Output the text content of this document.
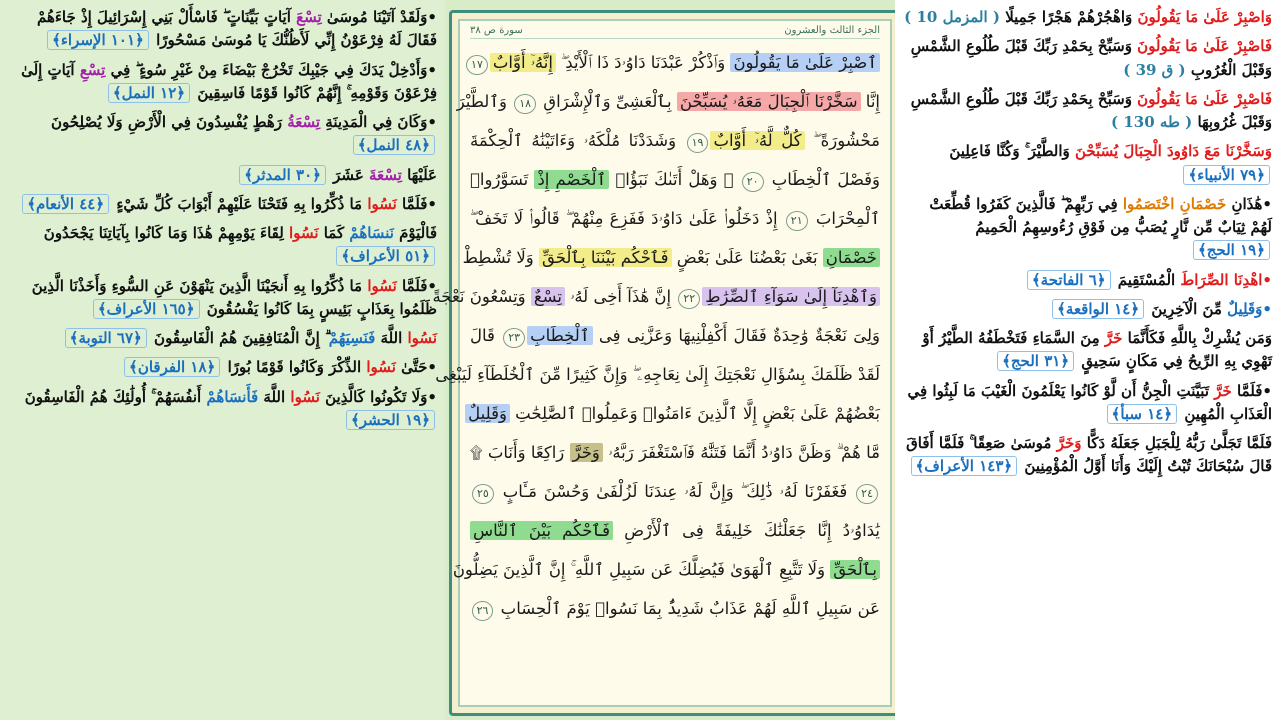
•وَلَقَدْ آتَيْنَا مُوسَىٰ تِسْعَ آيَاتٍ بَيِّنَاتٍ ۖ فَاسْأَلْ بَنِي إِسْرَائِيلَ إِذْ جَاءَهُمْ فَقَالَ لَهُ فِرْعَوْنُ إِنِّي لَأَظُنُّكَ يَا مُوسَىٰ مَسْحُورًا ﴿١٠١ الإسراء﴾
•وَأَدْخِلْ يَدَكَ فِي جَيْبِكَ تَخْرُجْ بَيْضَاءَ مِنْ غَيْرِ سُوءٍ ۖ فِي تِسْعِ آيَاتٍ إِلَىٰ فِرْعَوْنَ وَقَوْمِهِ ۚ إِنَّهُمْ كَانُوا قَوْمًا فَاسِقِينَ ﴿١٢ النمل﴾
•وَكَانَ فِي الْمَدِينَةِ تِسْعَةُ رَهْطٍ يُفْسِدُونَ فِي الْأَرْضِ وَلَا يُصْلِحُونَ ﴿٤٨ النمل﴾
عَلَيْهَا تِسْعَةَ عَشَرَ ﴿٣٠ المدثر﴾
•فَلَمَّا نَسُوا مَا ذُكِّرُوا بِهِ فَتَحْنَا عَلَيْهِمْ أَبْوَابَ كُلِّ شَيْءٍ ﴿٤٤ الأنعام﴾
فَالْيَوْمَ نَنسَاهُمْ كَمَا نَسُوا لِقَاءَ يَوْمِهِمْ هَٰذَا وَمَا كَانُوا بِآيَاتِنَا يَجْحَدُونَ ﴿٥١ الأعراف﴾
•فَلَمَّا نَسُوا مَا ذُكِّرُوا بِهِ أَنجَيْنَا الَّذِينَ يَنْهَوْنَ عَنِ السُّوءِ وَأَخَذْنَا الَّذِينَ ظَلَمُوا بِعَذَابٍ بَئِيسٍ بِمَا كَانُوا يَفْسُقُونَ ﴿١٦٥ الأعراف﴾
نَسُوا اللَّهَ فَنَسِيَهُمْ ۗ إِنَّ الْمُنَافِقِينَ هُمُ الْفَاسِقُونَ ﴿٦٧ التوبة﴾
•حَتَّىٰ نَسُوا الذِّكْرَ وَكَانُوا قَوْمًا بُورًا ﴿١٨ الفرقان﴾
•وَلَا تَكُونُوا كَالَّذِينَ نَسُوا اللَّهَ فَأَنسَاهُمْ أَنفُسَهُمْ ۚ أُولَٰئِكَ هُمُ الْفَاسِقُونَ ﴿١٩ الحشر﴾
الجزء الثالث والعشرون
سورة ص ٣٨
ٱصْبِرْ عَلَىٰ مَا يَقُولُونَ وَٱذْكُرْ عَبْدَنَا دَاوُۥدَ ذَا ٱلْأَيْدِ ۖ إِنَّهُۥٓ أَوَّابٌ١٧
إِنَّا سَخَّرْنَا ٱلْجِبَالَ مَعَهُۥ يُسَبِّحْنَ بِٱلْعَشِىِّ وَٱلْإِشْرَاقِ ١٨ وَٱلطَّيْرَ
مَحْشُورَةً ۖ كُلٌّ لَّهُۥٓ أَوَّابٌ١٩ وَشَدَدْنَا مُلْكَهُۥ وَءَاتَيْنَٰهُ ٱلْحِكْمَةَ
وَفَصْلَ ٱلْخِطَابِ ٢٠ ۞ وَهَلْ أَتَىٰكَ نَبَؤُا۟ ٱلْخَصْمِ إِذْ تَسَوَّرُوا۟
ٱلْمِحْرَابَ ٢١ إِذْ دَخَلُوا۟ عَلَىٰ دَاوُۥدَ فَفَزِعَ مِنْهُمْ ۖ قَالُوا۟ لَا تَخَفْ ۖ
خَصْمَانِ بَغَىٰ بَعْضُنَا عَلَىٰ بَعْضٍ فَٱحْكُم بَيْنَنَا بِٱلْحَقِّ وَلَا تُشْطِطْ
وَٱهْدِنَآ إِلَىٰ سَوَآءِ ٱلصِّرَٰطِ٢٢ إِنَّ هَٰذَآ أَخِى لَهُۥ تِسْعٌ وَتِسْعُونَ نَعْجَةً
وَلِىَ نَعْجَةٌ وَٰحِدَةٌ فَقَالَ أَكْفِلْنِيهَا وَعَزَّنِى فِى ٱلْخِطَابِ٢٣ قَالَ
لَقَدْ ظَلَمَكَ بِسُؤَالِ نَعْجَتِكَ إِلَىٰ نِعَاجِهِۦ ۖ وَإِنَّ كَثِيرًا مِّنَ ٱلْخُلَطَآءِ لَيَبْغِى
بَعْضُهُمْ عَلَىٰ بَعْضٍ إِلَّا ٱلَّذِينَ ءَامَنُوا۟ وَعَمِلُوا۟ ٱلصَّٰلِحَٰتِ وَقَلِيلٌ
مَّا هُمْ ۗ وَظَنَّ دَاوُۥدُ أَنَّمَا فَتَنَّٰهُ فَٱسْتَغْفَرَ رَبَّهُۥ وَخَرَّ رَاكِعًا وَأَنَابَ ۩
٢٤ فَغَفَرْنَا لَهُۥ ذَٰلِكَ ۖ وَإِنَّ لَهُۥ عِندَنَا لَزُلْفَىٰ وَحُسْنَ مَـَٔابٍ ٢٥
يَٰدَاوُۥدُ إِنَّا جَعَلْنَٰكَ خَلِيفَةً فِى ٱلْأَرْضِ فَٱحْكُم بَيْنَ ٱلنَّاسِ
بِٱلْحَقِّ وَلَا تَتَّبِعِ ٱلْهَوَىٰ فَيُضِلَّكَ عَن سَبِيلِ ٱللَّهِ ۚ إِنَّ ٱلَّذِينَ يَضِلُّونَ
عَن سَبِيلِ ٱللَّهِ لَهُمْ عَذَابٌ شَدِيدٌۢ بِمَا نَسُوا۟ يَوْمَ ٱلْحِسَابِ ٢٦
وَاصْبِرْ عَلَىٰ مَا يَقُولُونَ وَاهْجُرْهُمْ هَجْرًا جَمِيلًا ( المزمل 10 )
فَاصْبِرْ عَلَىٰ مَا يَقُولُونَ وَسَبِّحْ بِحَمْدِ رَبِّكَ قَبْلَ طُلُوعِ الشَّمْسِ وَقَبْلَ الْغُرُوبِ ( ق 39 )
فَاصْبِرْ عَلَىٰ مَا يَقُولُونَ وَسَبِّحْ بِحَمْدِ رَبِّكَ قَبْلَ طُلُوعِ الشَّمْسِ وَقَبْلَ غُرُوبِهَا ( طه 130 )
وَسَخَّرْنَا مَعَ دَاوُودَ الْجِبَالَ يُسَبِّحْنَ وَالطَّيْرَ ۚ وَكُنَّا فَاعِلِينَ ﴿٧٩ الأنبياء﴾
•هَٰذَانِ خَصْمَانِ اخْتَصَمُوا فِي رَبِّهِمْ ۖ فَالَّذِينَ كَفَرُوا قُطِّعَتْ لَهُمْ ثِيَابٌ مِّن نَّارٍ يُصَبُّ مِن فَوْقِ رُءُوسِهِمُ الْحَمِيمُ ﴿١٩ الحج﴾
•اهْدِنَا الصِّرَاطَ الْمُسْتَقِيمَ ﴿٦ الفاتحة﴾
•وَقَلِيلٌ مِّنَ الْآخِرِينَ ﴿١٤ الواقعة﴾
وَمَن يُشْرِكْ بِاللَّهِ فَكَأَنَّمَا خَرَّ مِنَ السَّمَاءِ فَتَخْطَفُهُ الطَّيْرُ أَوْ تَهْوِي بِهِ الرِّيحُ فِي مَكَانٍ سَحِيقٍ ﴿٣١ الحج﴾
•فَلَمَّا خَرَّ تَبَيَّنَتِ الْجِنُّ أَن لَّوْ كَانُوا يَعْلَمُونَ الْغَيْبَ مَا لَبِثُوا فِي الْعَذَابِ الْمُهِينِ ﴿١٤ سبأ﴾
فَلَمَّا تَجَلَّىٰ رَبُّهُ لِلْجَبَلِ جَعَلَهُ دَكًّا وَخَرَّ مُوسَىٰ صَعِقًا ۚ فَلَمَّا أَفَاقَ قَالَ سُبْحَانَكَ تُبْتُ إِلَيْكَ وَأَنَا أَوَّلُ الْمُؤْمِنِينَ ﴿١٤٣ الأعراف﴾
